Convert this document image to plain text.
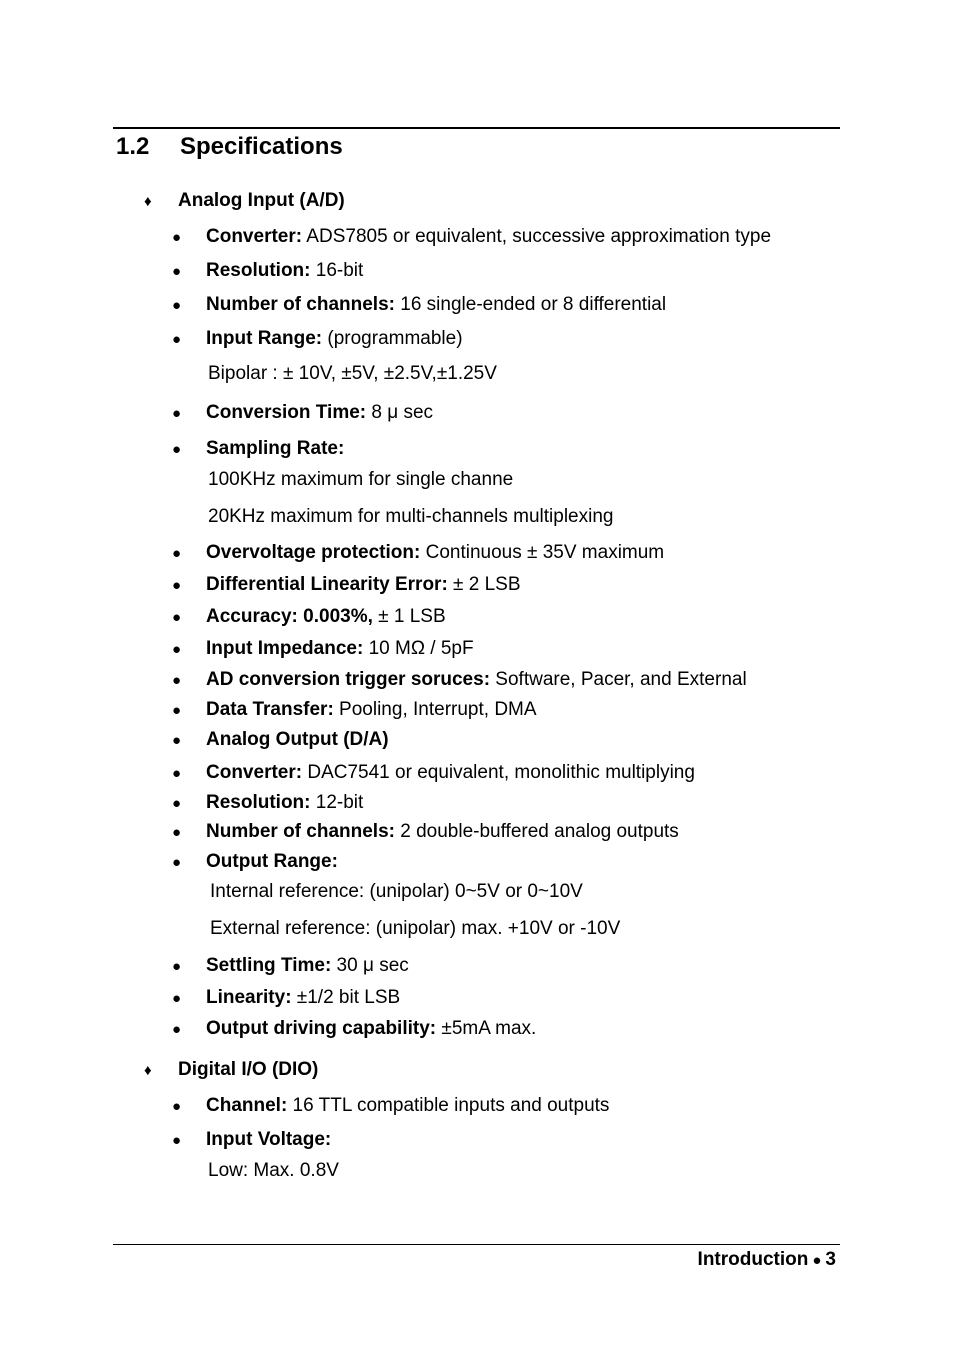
1.2 Specifications
♦ Analog Input (A/D)
● Converter: ADS7805 or equivalent, successive approximation type
● Resolution: 16-bit
● Number of channels: 16 single-ended or 8 differential
● Input Range: (programmable)
Bipolar : ± 10V, ±5V, ±2.5V,±1.25V
● Conversion Time: 8 μ sec
● Sampling Rate:
100KHz maximum for single channe
20KHz maximum for multi-channels multiplexing
● Overvoltage protection: Continuous ± 35V maximum
● Differential Linearity Error: ± 2 LSB
● Accuracy: 0.003%, ± 1 LSB
● Input Impedance: 10 MΩ / 5pF
● AD conversion trigger soruces: Software, Pacer, and External
● Data Transfer: Pooling, Interrupt, DMA
● Analog Output (D/A)
● Converter: DAC7541 or equivalent, monolithic multiplying
● Resolution: 12-bit
● Number of channels: 2 double-buffered analog outputs
● Output Range:
Internal reference: (unipolar) 0~5V or 0~10V
External reference: (unipolar) max. +10V or -10V
● Settling Time: 30 μ sec
● Linearity: ±1/2 bit LSB
● Output driving capability: ±5mA max.
♦ Digital I/O (DIO)
● Channel: 16 TTL compatible inputs and outputs
● Input Voltage:
Low: Max. 0.8V
Introduction ● 3
